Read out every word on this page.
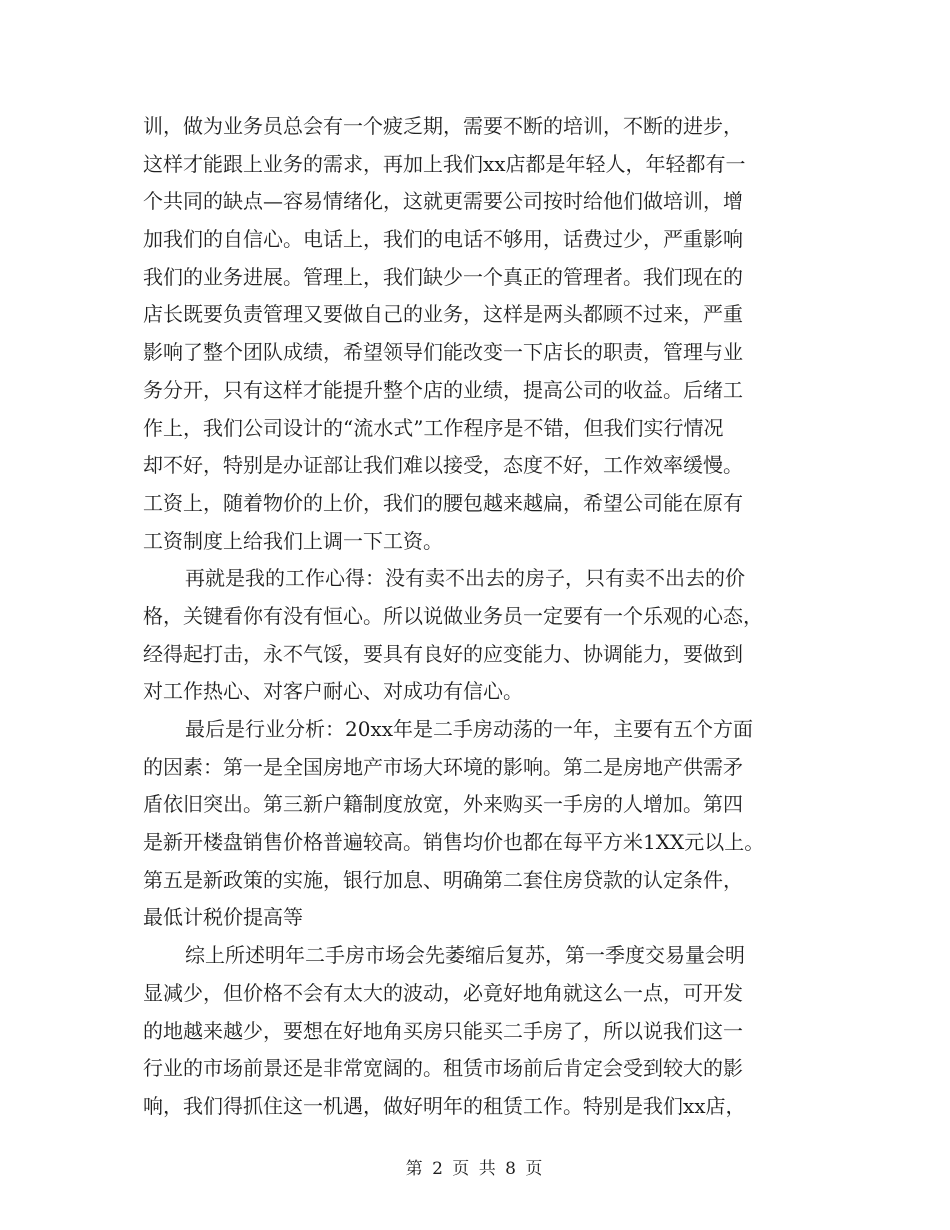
训，做为业务员总会有一个疲乏期，需要不断的培训，不断的进步，
这样才能跟上业务的需求，再加上我们xx店都是年轻人，年轻都有一
个共同的缺点—容易情绪化，这就更需要公司按时给他们做培训，增
加我们的自信心。电话上，我们的电话不够用，话费过少，严重影响
我们的业务进展。管理上，我们缺少一个真正的管理者。我们现在的
店长既要负责管理又要做自己的业务，这样是两头都顾不过来，严重
影响了整个团队成绩，希望领导们能改变一下店长的职责，管理与业
务分开，只有这样才能提升整个店的业绩，提高公司的收益。后绪工
作上，我们公司设计的“流水式”工作程序是不错，但我们实行情况
却不好，特别是办证部让我们难以接受，态度不好，工作效率缓慢。
工资上，随着物价的上价，我们的腰包越来越扁，希望公司能在原有
工资制度上给我们上调一下工资。
再就是我的工作心得：没有卖不出去的房子，只有卖不出去的价
格，关键看你有没有恒心。所以说做业务员一定要有一个乐观的心态，
经得起打击，永不气馁，要具有良好的应变能力、协调能力，要做到
对工作热心、对客户耐心、对成功有信心。
最后是行业分析：20xx年是二手房动荡的一年，主要有五个方面
的因素：第一是全国房地产市场大环境的影响。第二是房地产供需矛
盾依旧突出。第三新户籍制度放宽，外来购买一手房的人增加。第四
是新开楼盘销售价格普遍较高。销售均价也都在每平方米1XX元以上。
第五是新政策的实施，银行加息、明确第二套住房贷款的认定条件，
最低计税价提高等
综上所述明年二手房市场会先萎缩后复苏，第一季度交易量会明
显减少，但价格不会有太大的波动，必竟好地角就这么一点，可开发
的地越来越少，要想在好地角买房只能买二手房了，所以说我们这一
行业的市场前景还是非常宽阔的。租赁市场前后肯定会受到较大的影
响，我们得抓住这一机遇，做好明年的租赁工作。特别是我们xx店，
第 2 页 共 8 页
